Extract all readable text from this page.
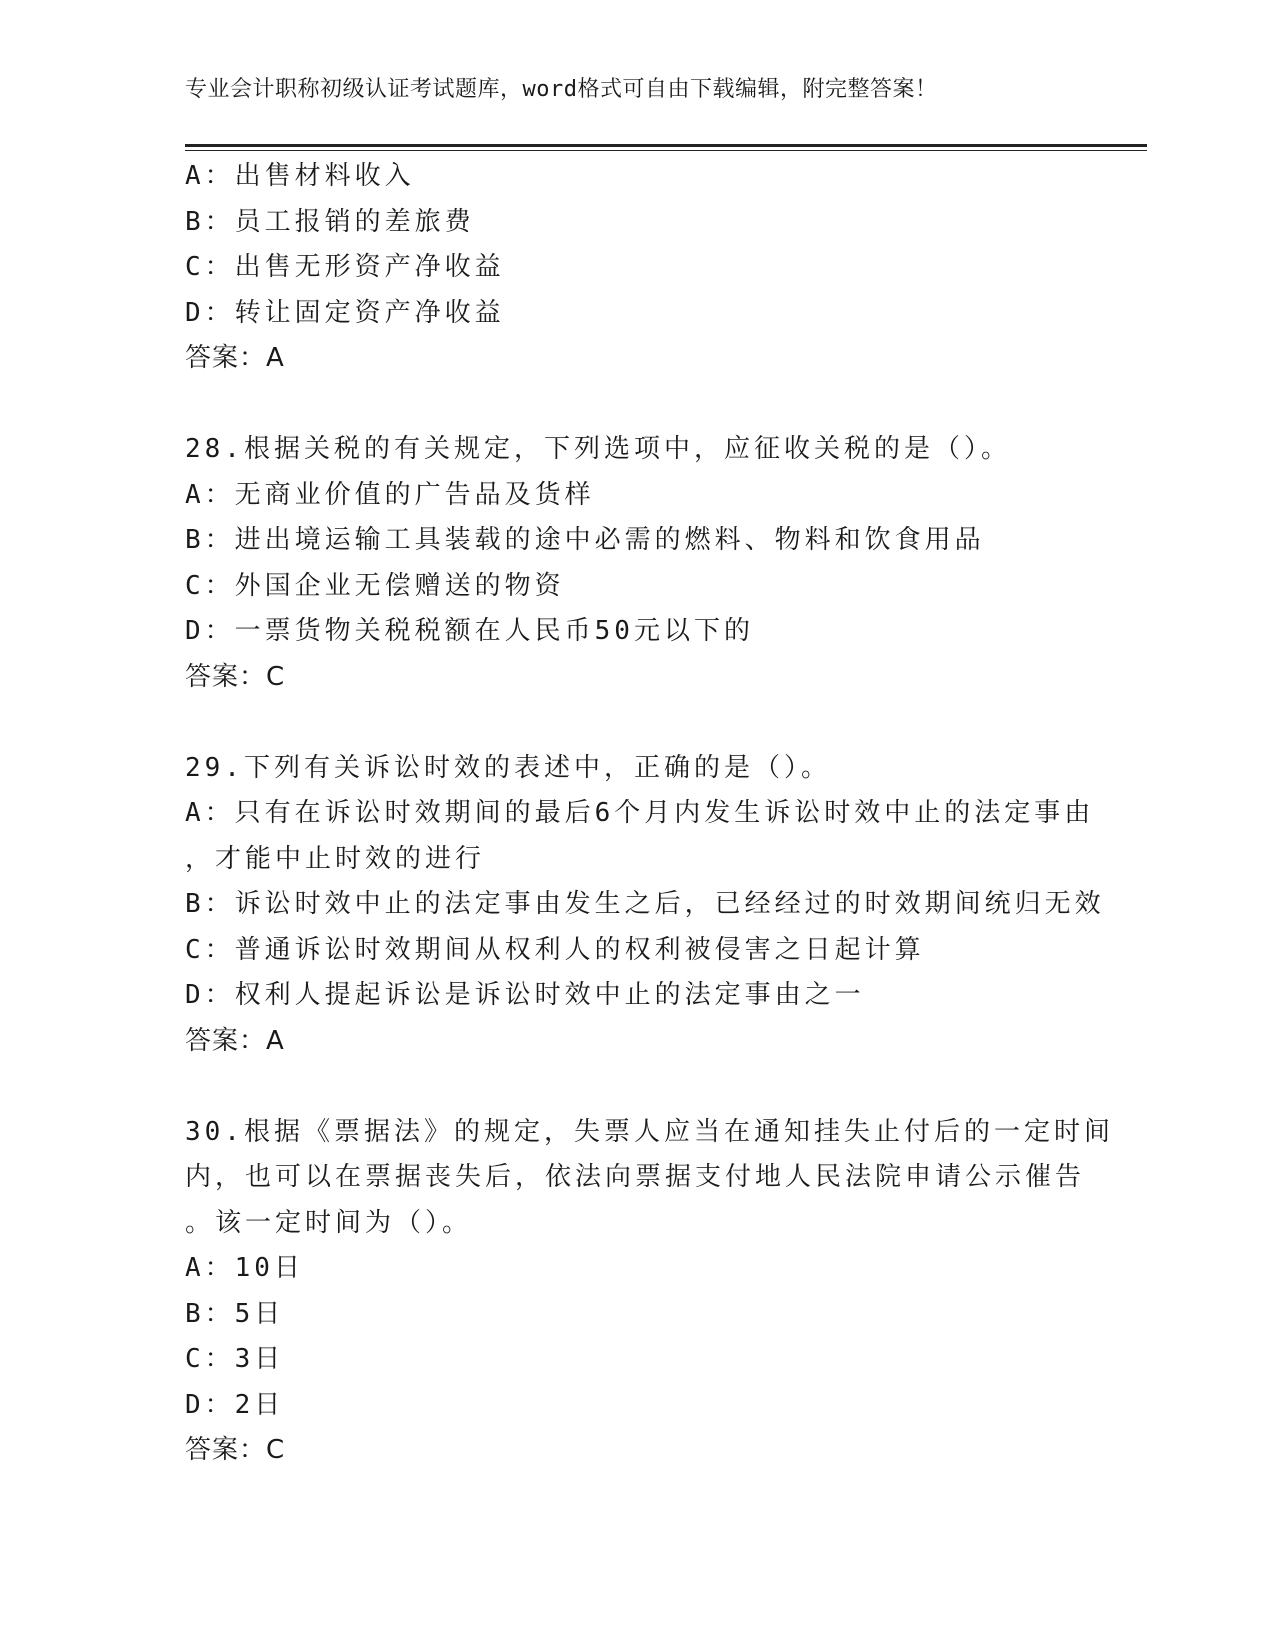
专业会计职称初级认证考试题库，word格式可自由下载编辑，附完整答案！
A：出售材料收入
B：员工报销的差旅费
C：出售无形资产净收益
D：转让固定资产净收益
答案：A
28.根据关税的有关规定，下列选项中，应征收关税的是（）。
A：无商业价值的广告品及货样
B：进出境运输工具装载的途中必需的燃料、物料和饮食用品
C：外国企业无偿赠送的物资
D：一票货物关税税额在人民币50元以下的
答案：C
29.下列有关诉讼时效的表述中，正确的是（）。
A：只有在诉讼时效期间的最后6个月内发生诉讼时效中止的法定事由
，才能中止时效的进行
B：诉讼时效中止的法定事由发生之后，已经经过的时效期间统归无效
C：普通诉讼时效期间从权利人的权利被侵害之日起计算
D：权利人提起诉讼是诉讼时效中止的法定事由之一
答案：A
30.根据《票据法》的规定，失票人应当在通知挂失止付后的一定时间
内，也可以在票据丧失后，依法向票据支付地人民法院申请公示催告
。该一定时间为（）。
A：10日
B：5日
C：3日
D：2日
答案：C
